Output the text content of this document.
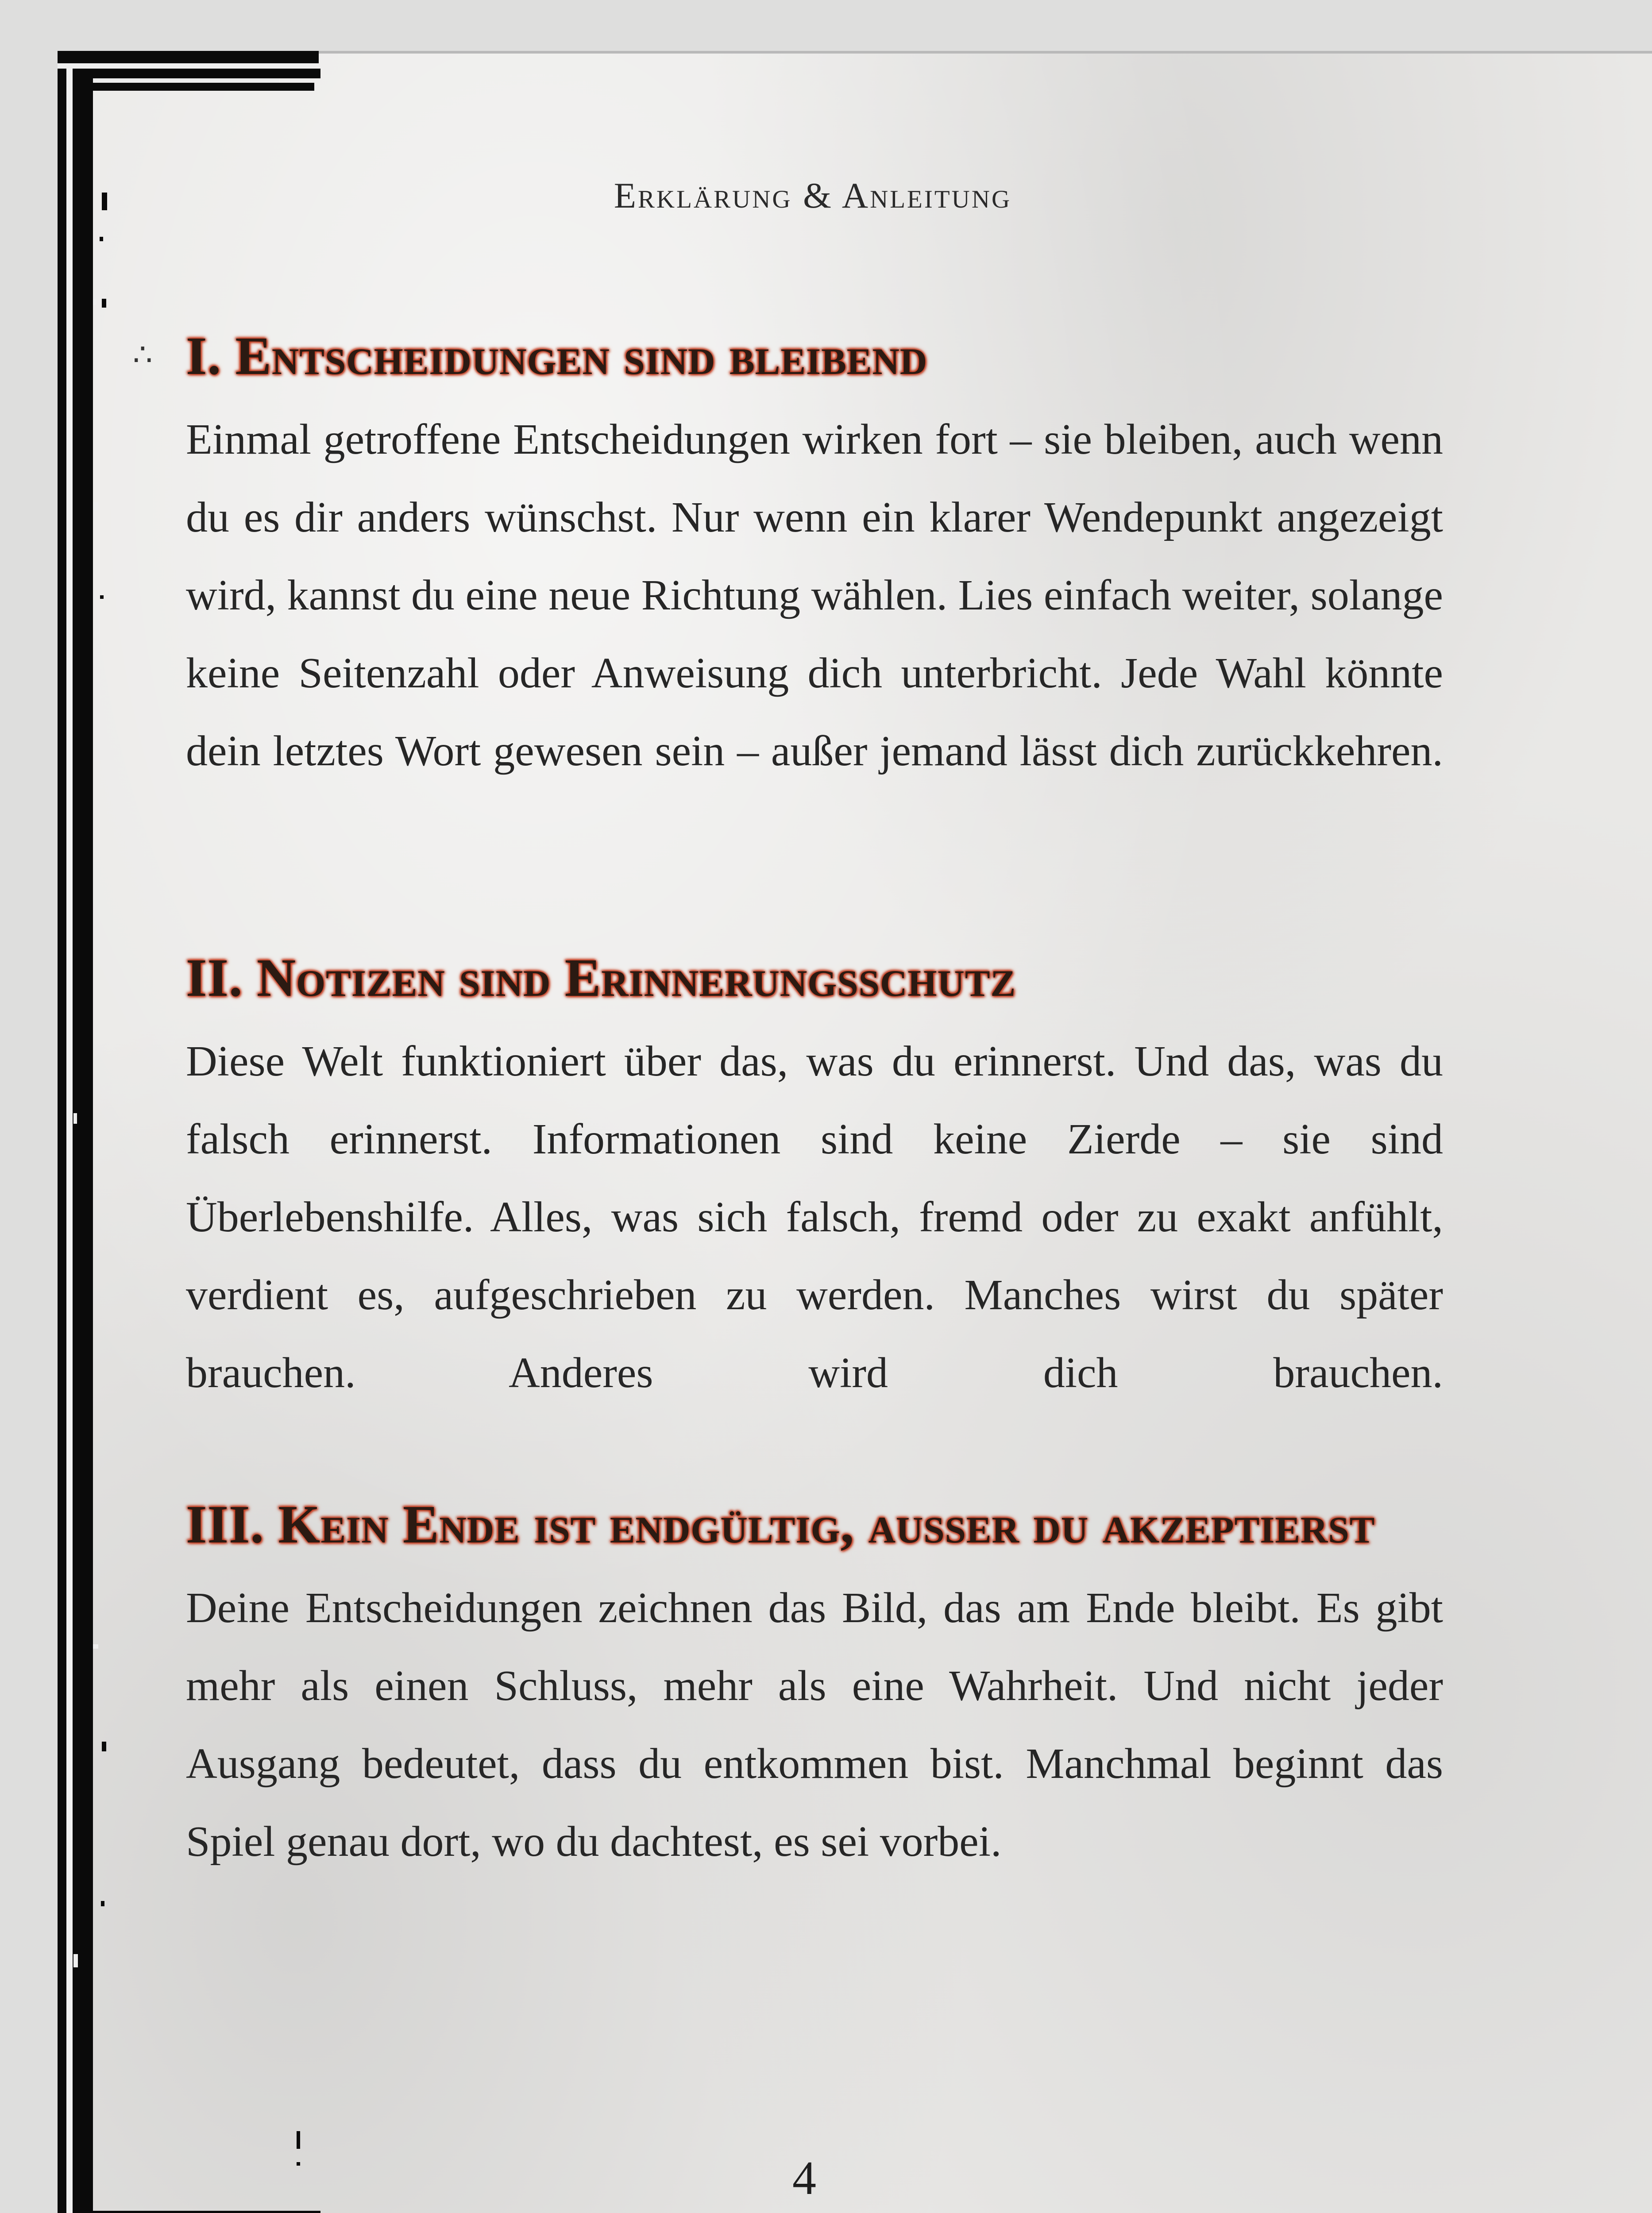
∴
Erklärung & Anleitung
I. Entscheidungen sind bleibend
Einmal getroffene Entscheidungen wirken fort – sie bleiben, auch wenn du es dir anders wünschst. Nur wenn ein klarer Wendepunkt angezeigt wird, kannst du eine neue Richtung wählen. Lies einfach weiter, solange keine Seitenzahl oder Anweisung dich unterbricht. Jede Wahl könnte dein letztes Wort gewesen sein – außer jemand lässt dich zurückkehren.
II. Notizen sind Erinnerungsschutz
Diese Welt funktioniert über das, was du erinnerst. Und das, was du falsch erinnerst. Informationen sind keine Zierde – sie sind Überlebenshilfe. Alles, was sich falsch, fremd oder zu exakt anfühlt, verdient es, aufgeschrieben zu werden. Manches wirst du später brauchen. Anderes wird dich brauchen.
III. Kein Ende ist endgültig, ausser du akzeptierst
Deine Entscheidungen zeichnen das Bild, das am Ende bleibt. Es gibt mehr als einen Schluss, mehr als eine Wahrheit. Und nicht jeder Ausgang bedeutet, dass du entkommen bist. Manchmal beginnt das Spiel genau dort, wo du dachtest, es sei vorbei.
4
